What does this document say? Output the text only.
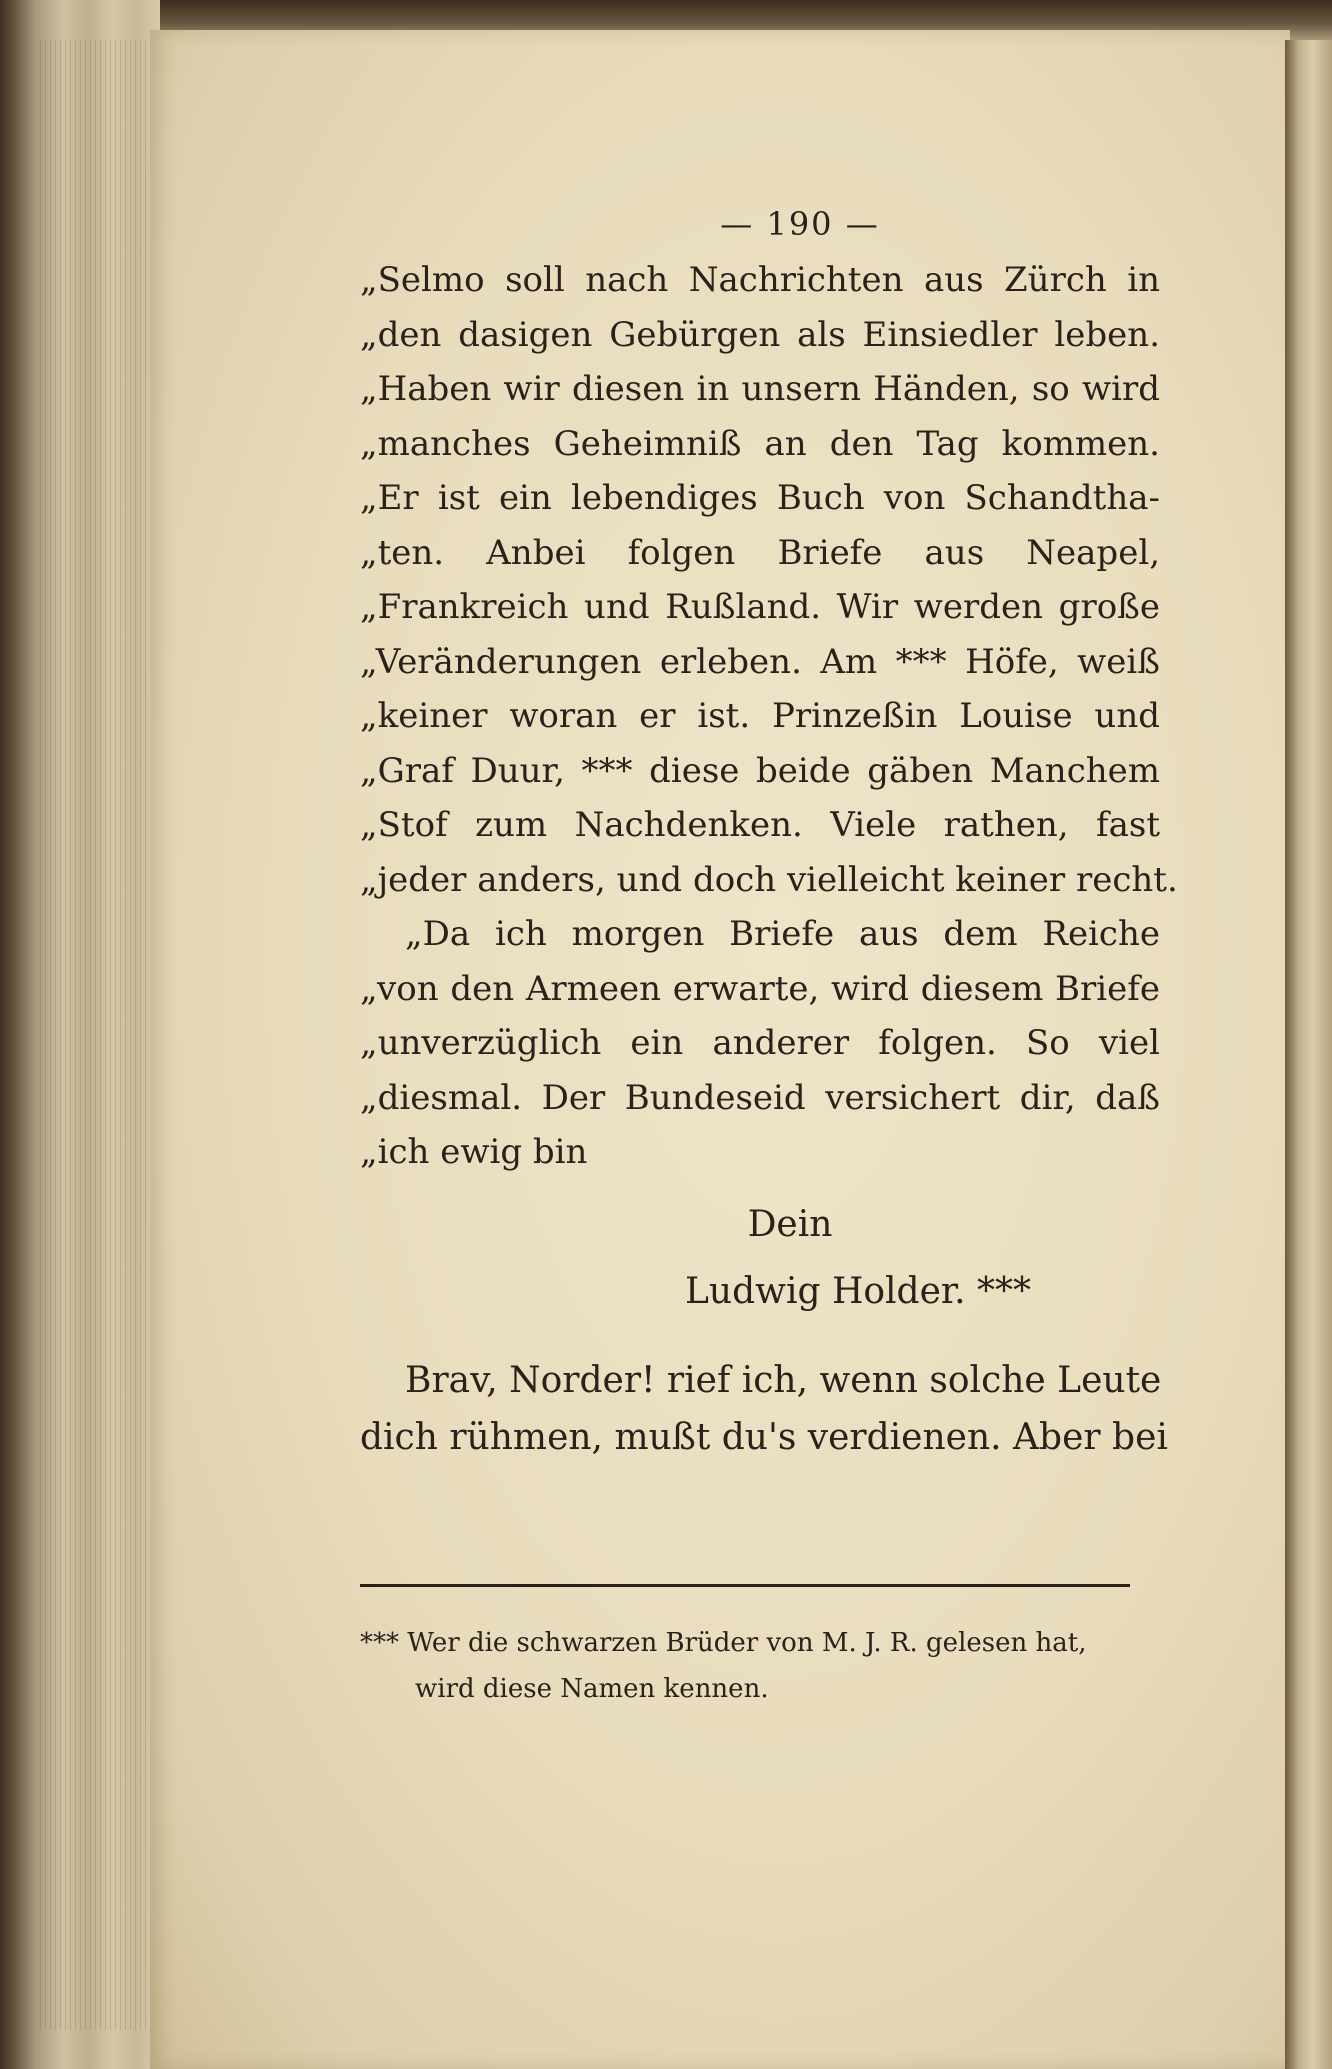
— 190 —
„Selmo soll nach Nachrichten aus Zürch in
„den dasigen Gebürgen als Einsiedler leben.
„Haben wir diesen in unsern Händen, so wird
„manches Geheimniß an den Tag kommen.
„Er ist ein lebendiges Buch von Schandtha-
„ten. Anbei folgen Briefe aus Neapel,
„Frankreich und Rußland. Wir werden große
„Veränderungen erleben. Am *** Höfe, weiß
„keiner woran er ist. Prinzeßin Louise und
„Graf Duur, *** diese beide gäben Manchem
„Stof zum Nachdenken. Viele rathen, fast
„jeder anders, und doch vielleicht keiner recht.
„Da ich morgen Briefe aus dem Reiche
„von den Armeen erwarte, wird diesem Briefe
„unverzüglich ein anderer folgen. So viel
„diesmal. Der Bundeseid versichert dir, daß
„ich ewig bin
Dein
Ludwig Holder. ***
Brav, Norder! rief ich, wenn solche Leute
dich rühmen, mußt du's verdienen. Aber bei
*** Wer die schwarzen Brüder von M. J. R. gelesen hat,
wird diese Namen kennen.
